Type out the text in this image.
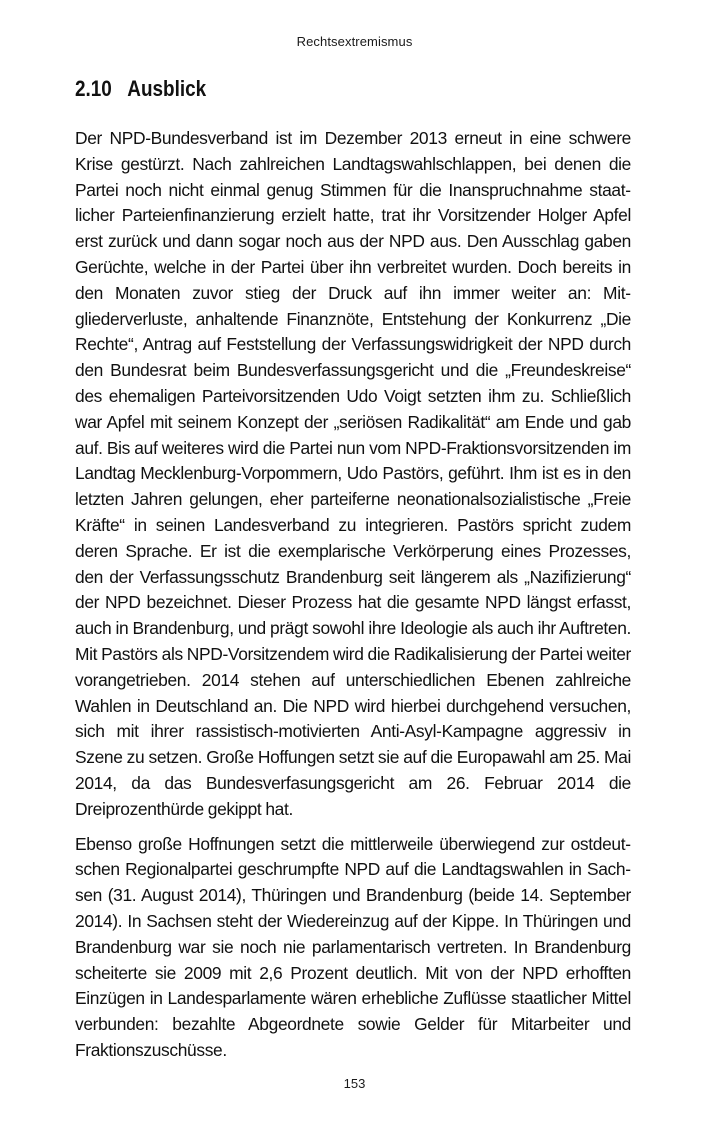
Rechtsextremismus
2.10 Ausblick

Der NPD-Bundesverband ist im Dezember 2013 erneut in eine schwere Krise gestürzt. Nach zahlreichen Landtagswahlschlappen, bei denen die Partei noch nicht einmal genug Stimmen für die Inanspruchnahme staatlicher Parteienfinanzierung erzielt hatte, trat ihr Vorsitzender Holger Apfel erst zurück und dann sogar noch aus der NPD aus. Den Ausschlag gaben Gerüchte, welche in der Partei über ihn verbreitet wurden. Doch bereits in den Monaten zuvor stieg der Druck auf ihn immer weiter an: Mitgliederverluste, anhaltende Finanznöte, Entstehung der Konkurrenz „Die Rechte“, Antrag auf Feststellung der Verfassungswidrigkeit der NPD durch den Bundesrat beim Bundesverfassungsgericht und die „Freundeskreise“ des ehemaligen Parteivorsitzenden Udo Voigt setzten ihm zu. Schließlich war Apfel mit seinem Konzept der „seriösen Radikalität“ am Ende und gab auf. Bis auf weiteres wird die Partei nun vom NPD-Fraktionsvorsitzenden im Landtag Mecklenburg-Vorpommern, Udo Pastörs, geführt. Ihm ist es in den letzten Jahren gelungen, eher parteiferne neonationalsozialistische „Freie Kräfte“ in seinen Landesverband zu integrieren. Pastörs spricht zudem deren Sprache. Er ist die exemplarische Verkörperung eines Prozesses, den der Verfassungsschutz Brandenburg seit längerem als „Nazifizierung“ der NPD bezeichnet. Dieser Prozess hat die gesamte NPD längst erfasst, auch in Brandenburg, und prägt sowohl ihre Ideologie als auch ihr Auftreten. Mit Pastörs als NPD-Vorsitzendem wird die Radikalisierung der Partei weiter vorangetrieben. 2014 stehen auf unterschiedlichen Ebenen zahlreiche Wahlen in Deutschland an. Die NPD wird hierbei durchgehend versuchen, sich mit ihrer rassistisch-motivierten Anti-Asyl-Kampagne aggressiv in Szene zu setzen. Große Hoffungen setzt sie auf die Europawahl am 25. Mai 2014, da das Bundesverfasungsgericht am 26. Februar 2014 die Dreiprozenthürde gekippt hat.

Ebenso große Hoffnungen setzt die mittlerweile überwiegend zur ostdeutschen Regionalpartei geschrumpfte NPD auf die Landtagswahlen in Sachsen (31. August 2014), Thüringen und Brandenburg (beide 14. September 2014). In Sachsen steht der Wiedereinzug auf der Kippe. In Thüringen und Brandenburg war sie noch nie parlamentarisch vertreten. In Brandenburg scheiterte sie 2009 mit 2,6 Prozent deutlich. Mit von der NPD erhofften Einzügen in Landesparlamente wären erhebliche Zuflüsse staatlicher Mittel verbunden: bezahlte Abgeordnete sowie Gelder für Mitarbeiter und Fraktionszuschüsse.

153
